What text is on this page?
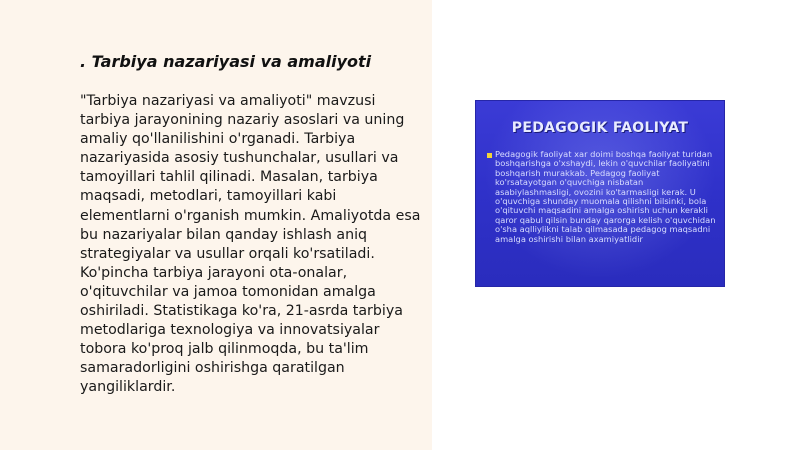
. Tarbiya nazariyasi va amaliyoti
"Tarbiya nazariyasi va amaliyoti" mavzusi tarbiya jarayonining nazariy asoslari va uning amaliy qo'llanilishini o'rganadi. Tarbiya nazariyasida asosiy tushunchalar, usullari va tamoyillari tahlil qilinadi. Masalan, tarbiya maqsadi, metodlari, tamoyillari kabi elementlarni o'rganish mumkin. Amaliyotda esa bu nazariyalar bilan qanday ishlash aniq strategiyalar va usullar orqali ko'rsatiladi. Ko'pincha tarbiya jarayoni ota-onalar, o'qituvchilar va jamoa tomonidan amalga oshiriladi. Statistikaga ko'ra, 21-asrda tarbiya metodlariga texnologiya va innovatsiyalar tobora ko'proq jalb qilinmoqda, bu ta'lim samaradorligini oshirishga qaratilgan yangiliklardir.
PEDAGOGIK FAOLIYAT
Pedagogik faoliyat xar doimi boshqa faoliyat turidan boshqarishga o'xshaydi, lekin o'quvchilar faoliyatini boshqarish murakkab. Pedagog faoliyat ko'rsatayotgan o'quvchiga nisbatan asabiylashmasligi, ovozini ko'tarmasligi kerak. U o'quvchiga shunday muomala qilishni bilsinki, bola o'qituvchi maqsadini amalga oshirish uchun kerakli qaror qabul qilsin bunday qarorga kelish o'quvchidan o'sha aqlliylikni talab qilmasada pedagog maqsadni amalga oshirishi bilan axamiyatlidir
